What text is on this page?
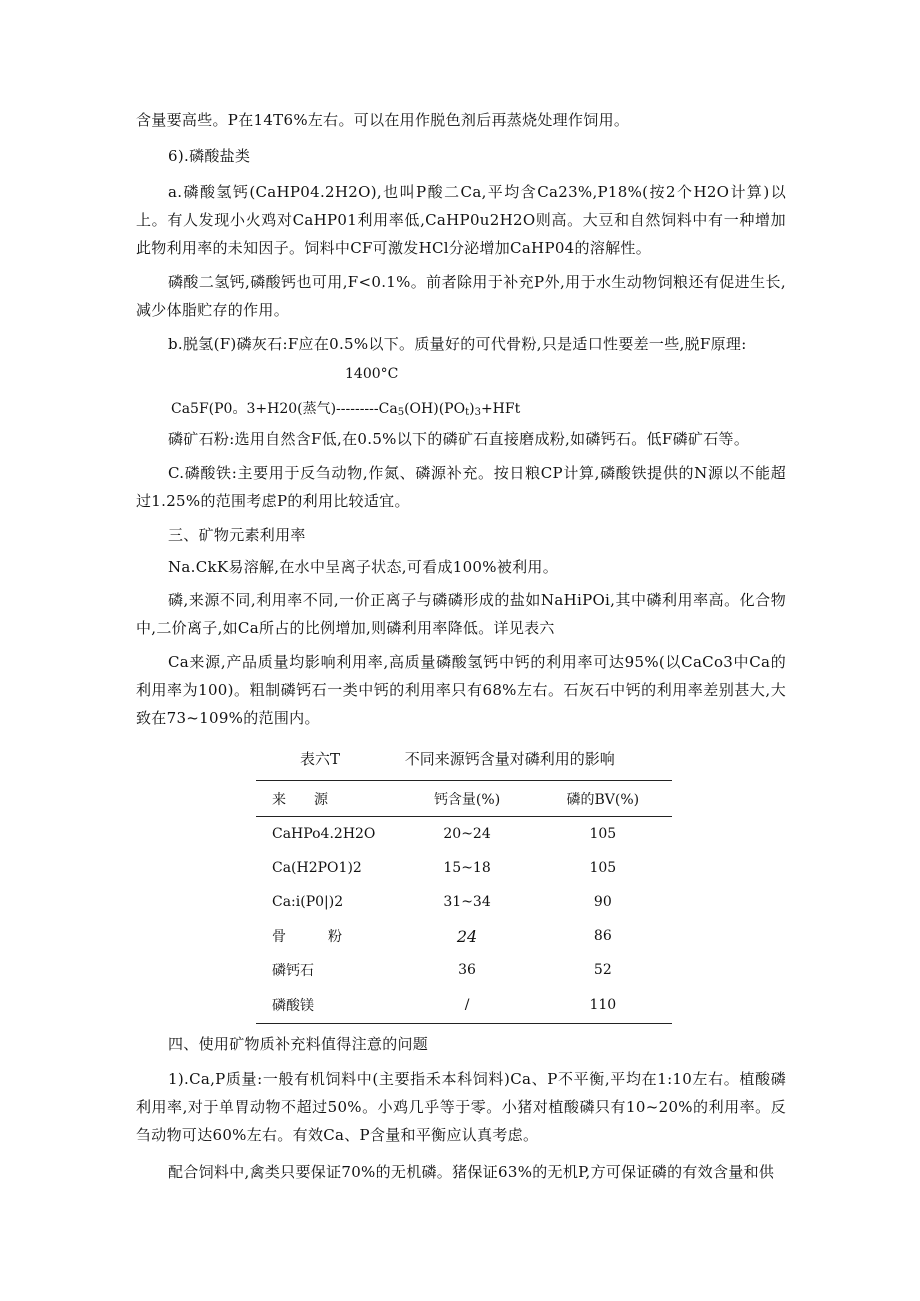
含量要高些。P在14T6%左右。可以在用作脱色剂后再蒸烧处理作饲用。

6).磷酸盐类

a.磷酸氢钙(CaHP04.2H2O),也叫P酸二Ca,平均含Ca23%,P18%(按2个H2O计算)以上。有人发现小火鸡对CaHP01利用率低,CaHP0u2H2O则高。大豆和自然饲料中有一种增加此物利用率的未知因子。饲料中CF可激发HCl分泌增加CaHP04的溶解性。

磷酸二氢钙,磷酸钙也可用,F<0.1%。前者除用于补充P外,用于水生动物饲粮还有促进生长,减少体脂贮存的作用。

b.脱氢(F)磷灰石:F应在0.5%以下。质量好的可代骨粉,只是适口性要差一些,脱F原理:

1400°C
Ca5F(P0。3+H20(蒸气)$---------Ca_5(OH)(PO_t)_3+HFt$

磷矿石粉:选用自然含F低,在0.5%以下的磷矿石直接磨成粉,如磷钙石。低F磷矿石等。

C.磷酸铁:主要用于反刍动物,作氮、磷源补充。按日粮CP计算,磷酸铁提供的N源以不能超过1.25%的范围考虑P的利用比较适宜。

三、矿物元素利用率

Na.CkK易溶解,在水中呈离子状态,可看成100%被利用。

磷,来源不同,利用率不同,一价正离子与磷磷形成的盐如NaHiPOi,其中磷利用率高。化合物中,二价离子,如Ca所占的比例增加,则磷利用率降低。详见表六

Ca来源,产品质量均影响利用率,高质量磷酸氢钙中钙的利用率可达95%(以CaCo3中Ca的利用率为100)。粗制磷钙石一类中钙的利用率只有68%左右。石灰石中钙的利用率差别甚大,大致在73~109%的范围内。

表六T	不同来源钙含量对磷利用的影响
来　　源	钙含量(%)	磷的BV(%)
CaHPo4.2H2O	20~24	105
Ca(H2PO1)2	15~18	105
Ca:i(P0|)2	31~34	90
骨　　　粉	24	86
磷钙石	36	52
磷酸镁	/	110

四、使用矿物质补充料值得注意的问题

1).Ca,P质量:一般有机饲料中(主要指禾本科饲料)Ca、P不平衡,平均在1:10左右。植酸磷利用率,对于单胃动物不超过50%。小鸡几乎等于零。小猪对植酸磷只有10~20%的利用率。反刍动物可达60%左右。有效Ca、P含量和平衡应认真考虑。

配合饲料中,禽类只要保证70%的无机磷。猪保证63%的无机P,方可保证磷的有效含量和供
